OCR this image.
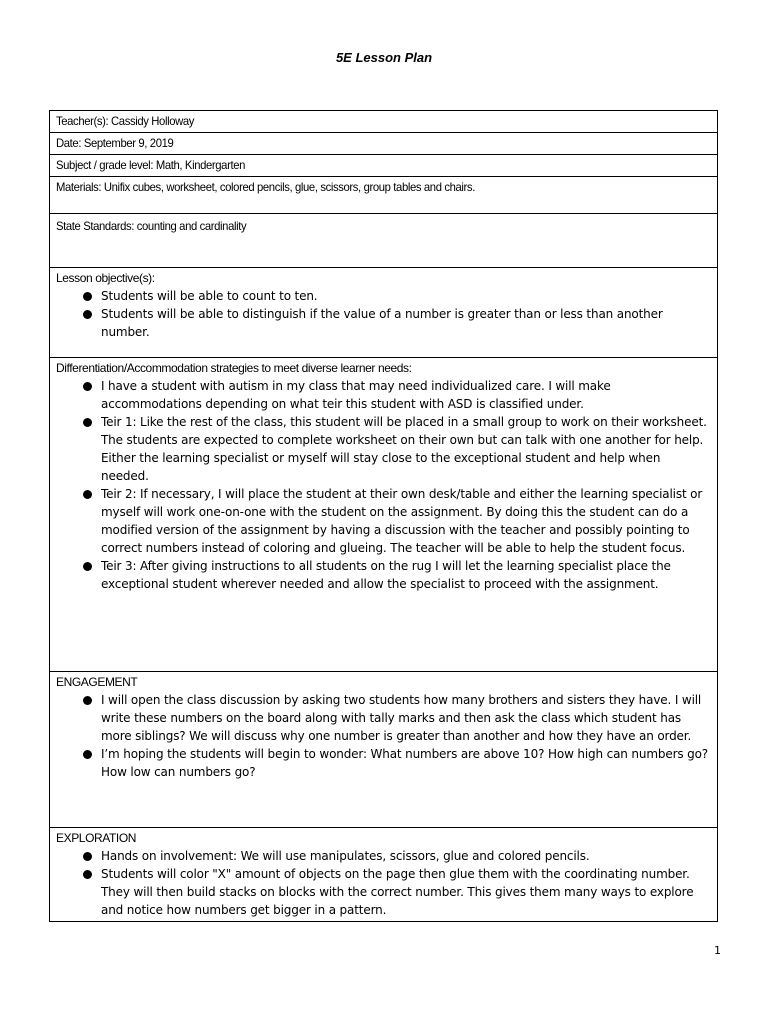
5E Lesson Plan
Teacher(s): Cassidy Holloway
Date: September 9, 2019
Subject / grade level: Math, Kindergarten
Materials: Unifix cubes, worksheet, colored pencils, glue, scissors, group tables and chairs.
State Standards: counting and cardinality

Lesson objective(s):
Students will be able to count to ten.
Students will be able to distinguish if the value of a number is greater than or less than another number.

Differentiation/Accommodation strategies to meet diverse learner needs:
I have a student with autism in my class that may need individualized care. I will make accommodations depending on what teir this student with ASD is classified under.
Teir 1: Like the rest of the class, this student will be placed in a small group to work on their worksheet. The students are expected to complete worksheet on their own but can talk with one another for help. Either the learning specialist or myself will stay close to the exceptional student and help when needed.
Teir 2: If necessary, I will place the student at their own desk/table and either the learning specialist or myself will work one-on-one with the student on the assignment. By doing this the student can do a modified version of the assignment by having a discussion with the teacher and possibly pointing to correct numbers instead of coloring and glueing. The teacher will be able to help the student focus.
Teir 3: After giving instructions to all students on the rug I will let the learning specialist place the exceptional student wherever needed and allow the specialist to proceed with the assignment.

ENGAGEMENT
I will open the class discussion by asking two students how many brothers and sisters they have. I will write these numbers on the board along with tally marks and then ask the class which student has more siblings? We will discuss why one number is greater than another and how they have an order.
I’m hoping the students will begin to wonder: What numbers are above 10? How high can numbers go? How low can numbers go?

EXPLORATION
Hands on involvement: We will use manipulates, scissors, glue and colored pencils.
Students will color "X" amount of objects on the page then glue them with the coordinating number. They will then build stacks on blocks with the correct number. This gives them many ways to explore and notice how numbers get bigger in a pattern.
1
